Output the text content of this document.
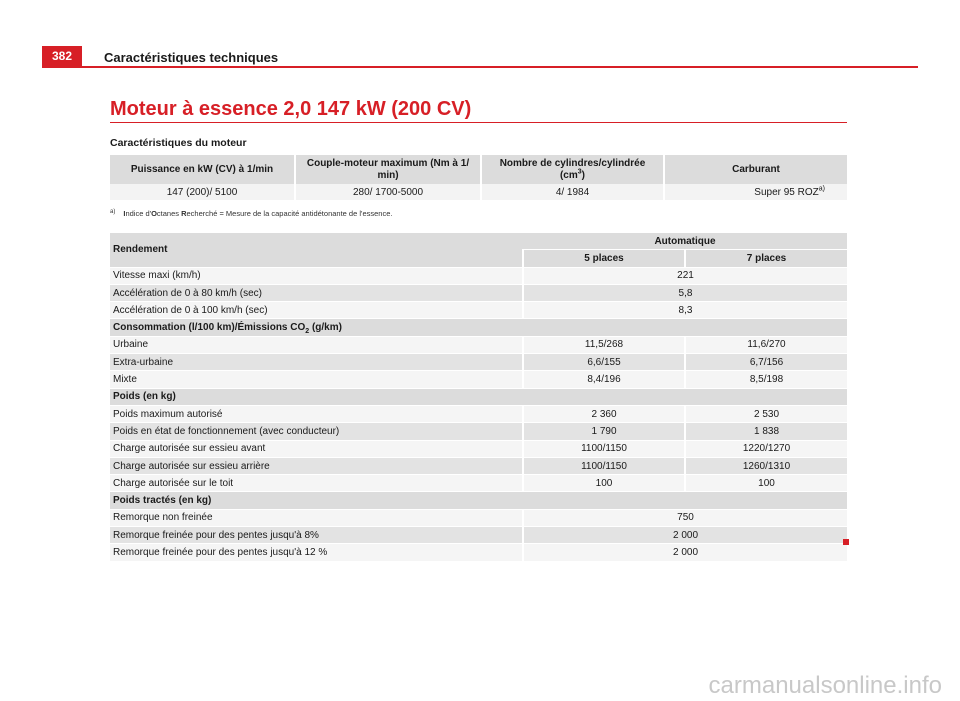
382	Caractéristiques techniques
Moteur à essence 2,0 147 kW (200 CV)
Caractéristiques du moteur
Puissance en kW (CV) à 1/min	Couple-moteur maximum (Nm à 1/ min)	Nombre de cylindres/cylindrée $(cm^3)$	Carburant
147 (200)/ 5100	280/ 1700-5000	4/ 1984	Super 95 ROZ$^{a)}$
$^{a)}$ Indice d'Octanes Recherché = Mesure de la capacité antidétonante de l'essence.
Rendement	Automatique	
	5 places	7 places
Vitesse maxi (km/h)	221	
Accélération de 0 à 80 km/h (sec)	5,8	
Accélération de 0 à 100 km/h (sec)	8,3	
Consommation (l/100 km)/Émissions $CO_2$ (g/km)		
Urbaine	11,5/268	11,6/270
Extra-urbaine	6,6/155	6,7/156
Mixte	8,4/196	8,5/198
Poids (en kg)		
Poids maximum autorisé	2 360	2 530
Poids en état de fonctionnement (avec conducteur)	1 790	1 838
Charge autorisée sur essieu avant	1100/1150	1220/1270
Charge autorisée sur essieu arrière	1100/1150	1260/1310
Charge autorisée sur le toit	100	100
Poids tractés (en kg)		
Remorque non freinée	750	
Remorque freinée pour des pentes jusqu'à 8%	2 000	
Remorque freinée pour des pentes jusqu'à 12 %	2 000	
carmanualsonline.info
